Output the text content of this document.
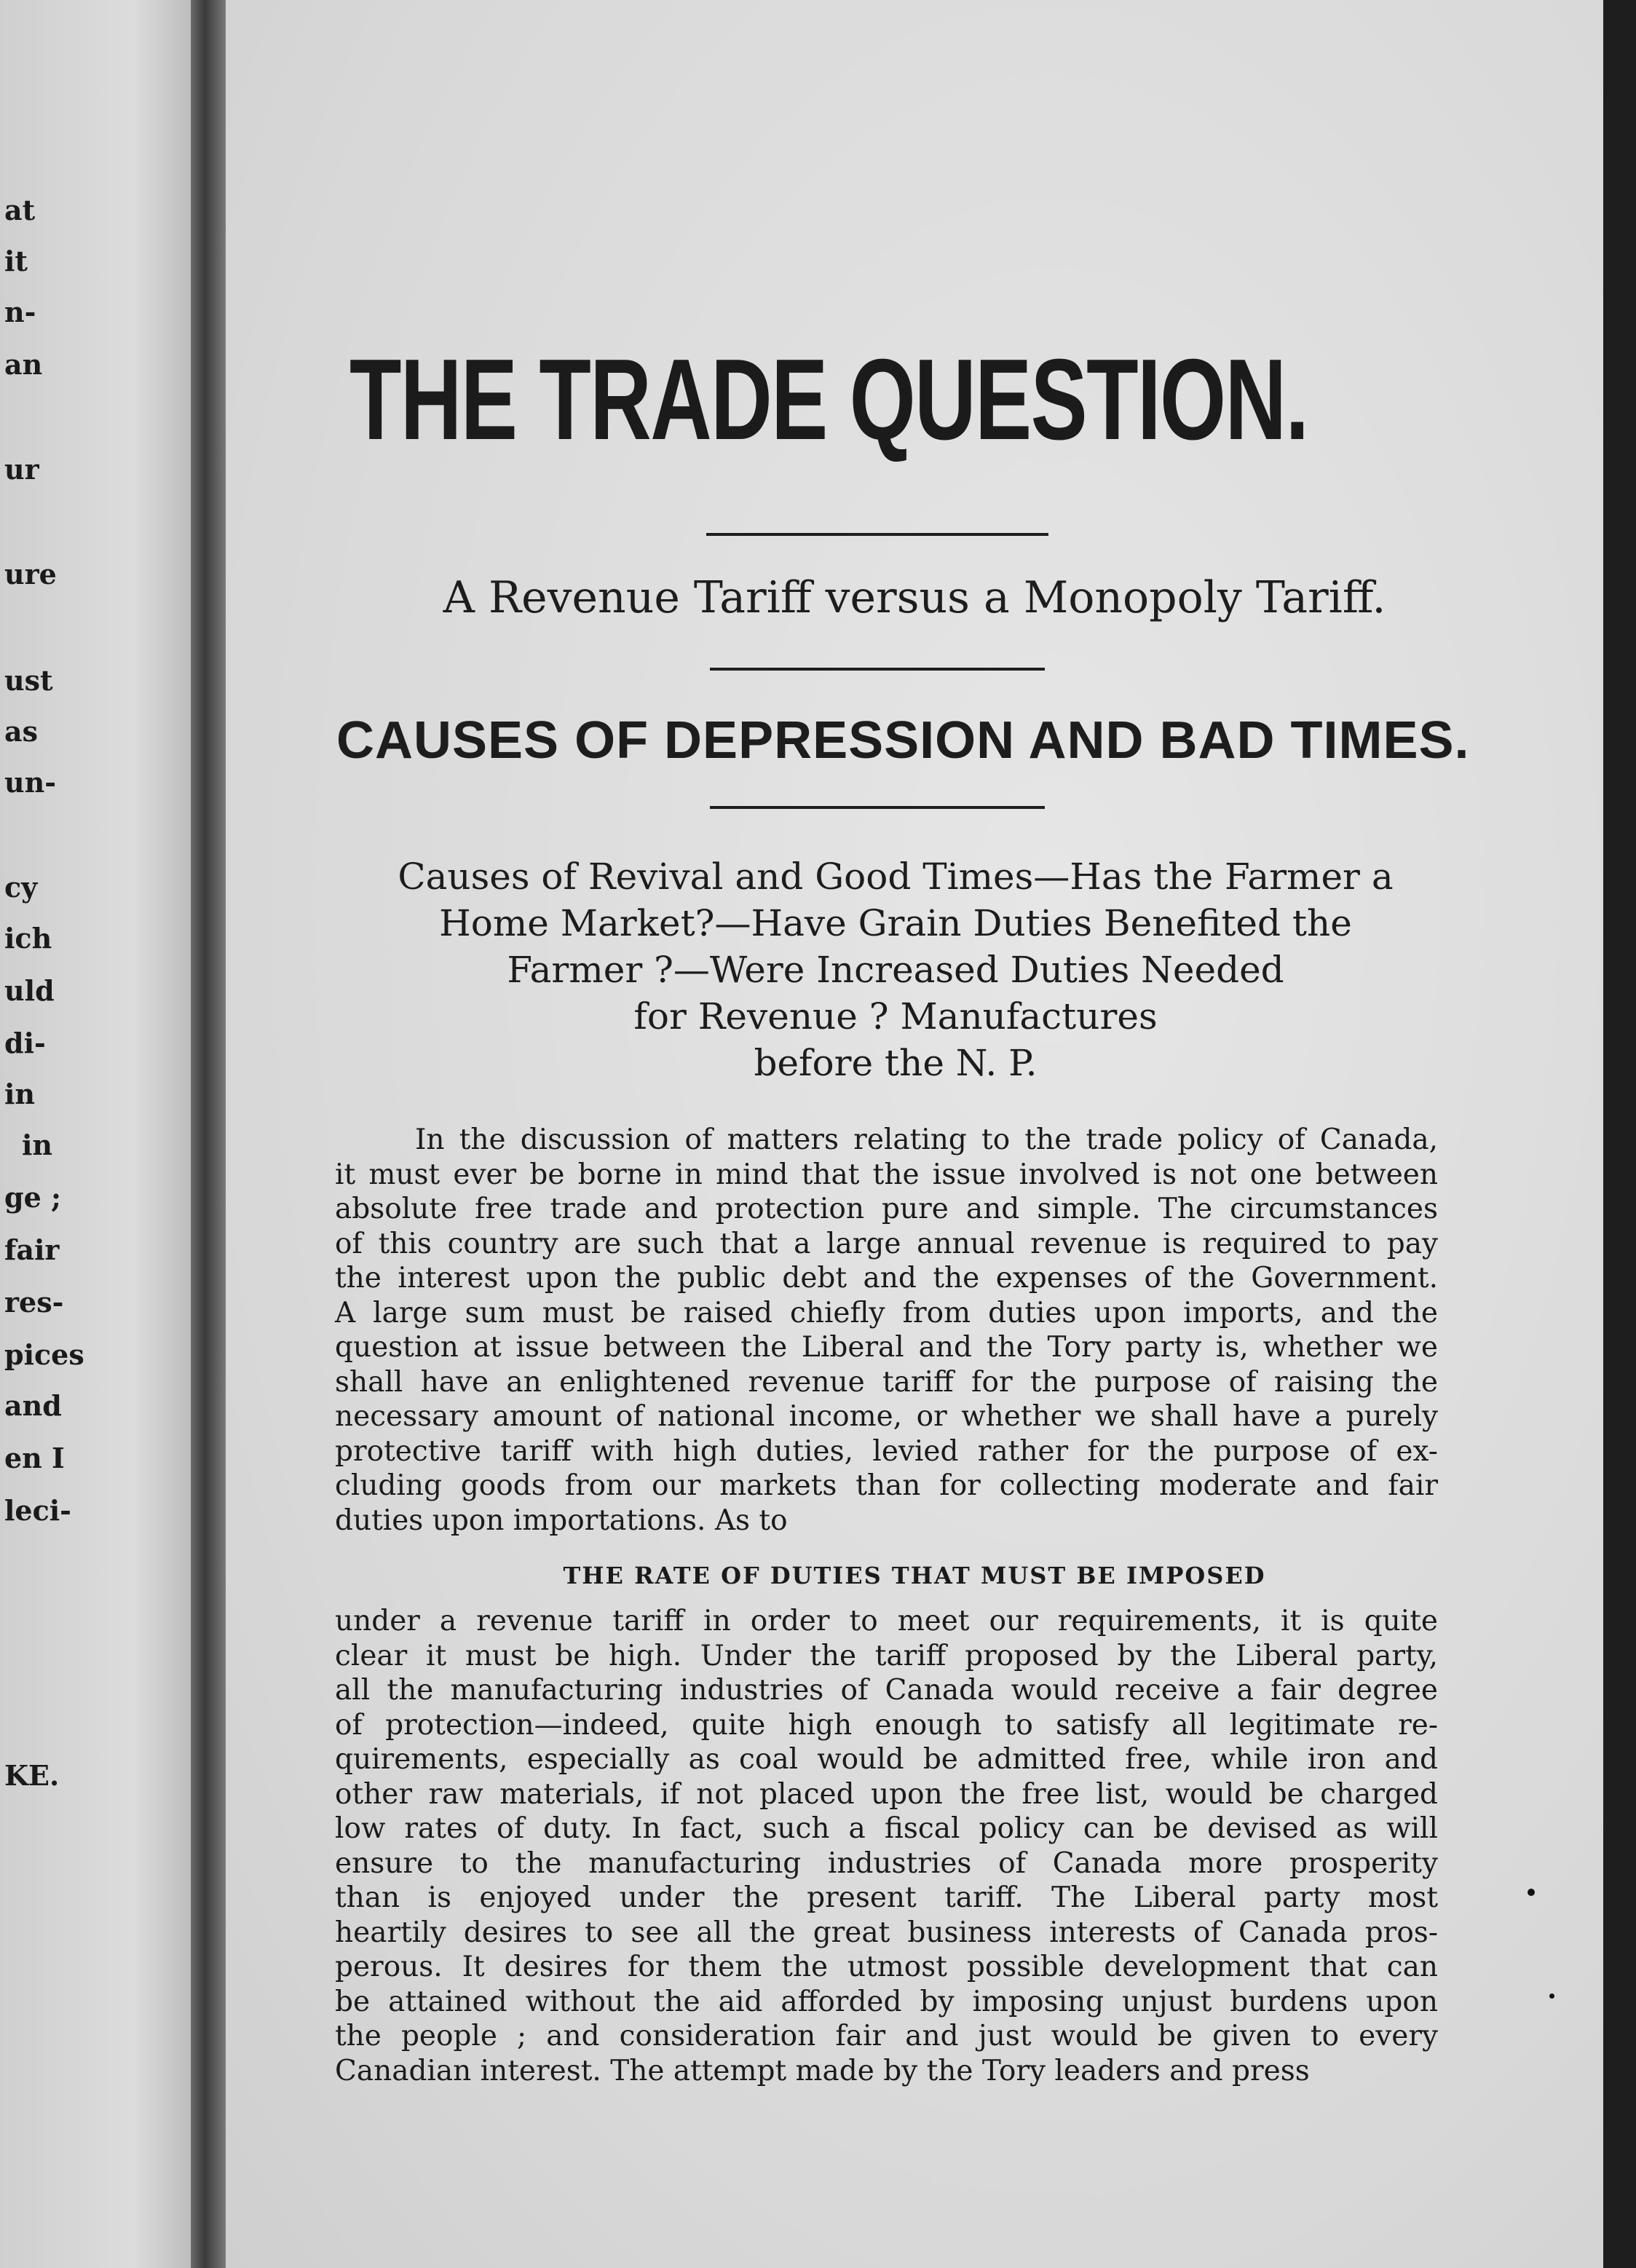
at
it
n-
an
ur
ure
ust
as
un-
cy
ich
uld
di-
in
in
ge ;
fair
res-
pices
and
en I
leci-
KE.

THE TRADE QUESTION.
A Revenue Tariff versus a Monopoly Tariff.
CAUSES OF DEPRESSION AND BAD TIMES.
Causes of Revival and Good Times—Has the Farmer a
Home Market?—Have Grain Duties Benefited the
Farmer ?—Were Increased Duties Needed
for Revenue ? Manufactures
before the N. P.
In the discussion of matters relating to the trade policy of Canada,
it must ever be borne in mind that the issue involved is not one between
absolute free trade and protection pure and simple. The circumstances
of this country are such that a large annual revenue is required to pay
the interest upon the public debt and the expenses of the Government.
A large sum must be raised chiefly from duties upon imports, and the
question at issue between the Liberal and the Tory party is, whether we
shall have an enlightened revenue tariff for the purpose of raising the
necessary amount of national income, or whether we shall have a purely
protective tariff with high duties, levied rather for the purpose of ex-
cluding goods from our markets than for collecting moderate and fair
duties upon importations. As to
THE RATE OF DUTIES THAT MUST BE IMPOSED
under a revenue tariff in order to meet our requirements, it is quite
clear it must be high. Under the tariff proposed by the Liberal party,
all the manufacturing industries of Canada would receive a fair degree
of protection—indeed, quite high enough to satisfy all legitimate re-
quirements, especially as coal would be admitted free, while iron and
other raw materials, if not placed upon the free list, would be charged
low rates of duty. In fact, such a fiscal policy can be devised as will
ensure to the manufacturing industries of Canada more prosperity
than is enjoyed under the present tariff. The Liberal party most
heartily desires to see all the great business interests of Canada pros-
perous. It desires for them the utmost possible development that can
be attained without the aid afforded by imposing unjust burdens upon
the people ; and consideration fair and just would be given to every
Canadian interest. The attempt made by the Tory leaders and press
